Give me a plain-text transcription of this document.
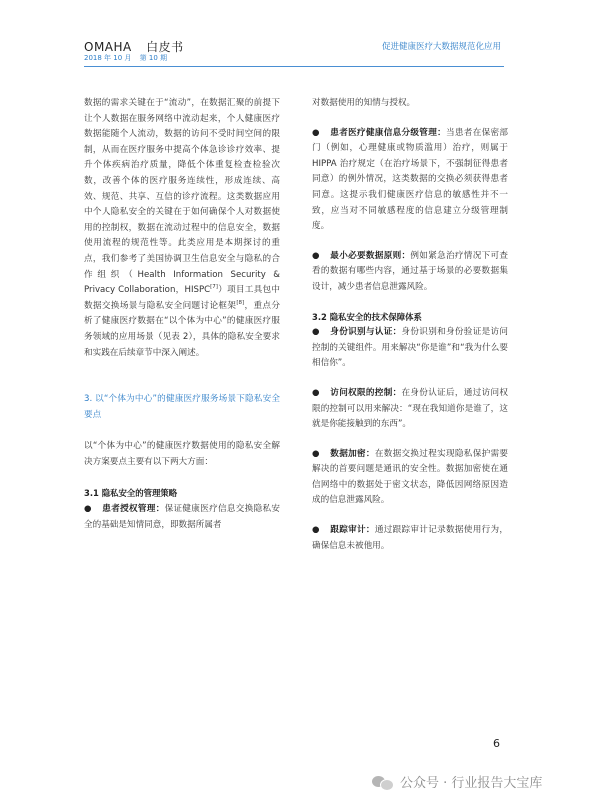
OMAHA 白皮书
2018 年 10 月 第 10 期
促进健康医疗大数据规范化应用

数据的需求关键在于“流动”，在数据汇聚的前提下让个人数据在服务网络中流动起来，个人健康医疗数据能随个人流动，数据的访问不受时间空间的限制，从而在医疗服务中提高个体急诊诊疗效率、提升个体疾病治疗质量，降低个体重复检查检验次数，改善个体的医疗服务连续性，形成连续、高效、规范、共享、互信的诊疗流程。这类数据应用中个人隐私安全的关键在于如何确保个人对数据使用的控制权，数据在流动过程中的信息安全，数据使用流程的规范性等。此类应用是本期探讨的重点，我们参考了美国协调卫生信息安全与隐私的合作组织（Health Information Security & Privacy Collaboration，HISPC[7]）项目工具包中数据交换场景与隐私安全问题讨论框架[8]，重点分析了健康医疗数据在“以个体为中心”的健康医疗服务领域的应用场景（见表 2），具体的隐私安全要求和实践在后续章节中深入阐述。

3. 以“个体为中心”的健康医疗服务场景下隐私安全要点

以“个体为中心”的健康医疗数据使用的隐私安全解决方案要点主要有以下两大方面：

3.1 隐私安全的管理策略

● 患者授权管理：保证健康医疗信息交换隐私安全的基础是知情同意，即数据所属者

对数据使用的知情与授权。

● 患者医疗健康信息分级管理：当患者在保密部门（例如，心理健康或物质滥用）治疗，则属于 HIPPA 治疗规定（在治疗场景下，不强制征得患者同意）的例外情况，这类数据的交换必须获得患者同意。这提示我们健康医疗信息的敏感性并不一致，应当对不同敏感程度的信息建立分级管理制度。

● 最小必要数据原则：例如紧急治疗情况下可查看的数据有哪些内容，通过基于场景的必要数据集设计，减少患者信息泄露风险。

3.2 隐私安全的技术保障体系

● 身份识别与认证：身份识别和身份验证是访问控制的关键组件。用来解决“你是谁”和“我为什么要相信你”。

● 访问权限的控制：在身份认证后，通过访问权限的控制可以用来解决：“现在我知道你是谁了，这就是你能接触到的东西”。

● 数据加密：在数据交换过程实现隐私保护需要解决的首要问题是通讯的安全性。数据加密使在通信网络中的数据处于密文状态，降低因网络原因造成的信息泄露风险。

● 跟踪审计：通过跟踪审计记录数据使用行为，确保信息未被他用。

6
公众号 · 行业报告大宝库
